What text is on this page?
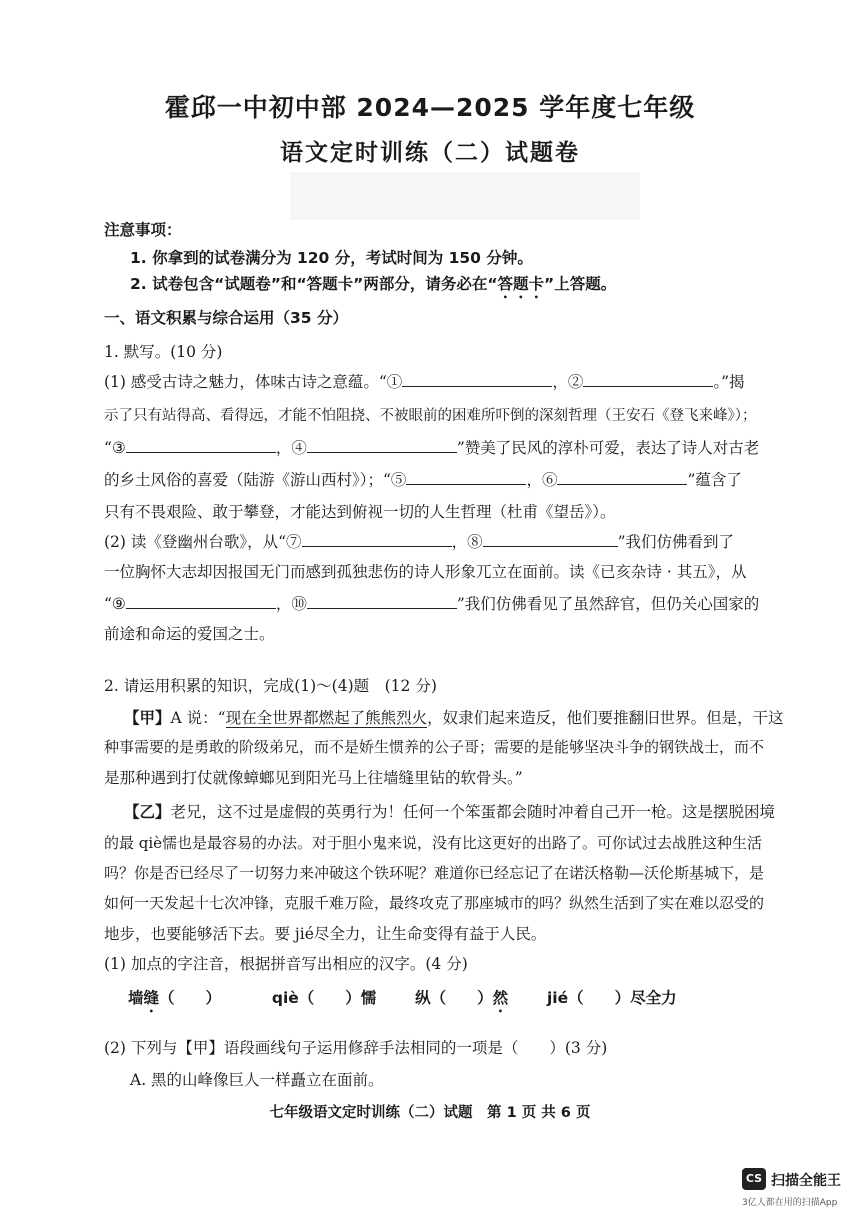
霍邱一中初中部 2024—2025 学年度七年级
语文定时训练（二）试题卷
注意事项：
1. 你拿到的试卷满分为 120 分，考试时间为 150 分钟。
2. 试卷包含“试题卷”和“答题卡”两部分，请务必在“答题卡”上答题。
一、语文积累与综合运用（35 分）
1. 默写。(10 分)
(1) 感受古诗之魅力，体味古诗之意蕴。“①	，②	。”揭
示了只有站得高、看得远，才能不怕阻挠、不被眼前的困难所吓倒的深刻哲理（王安石《登飞来峰》）；
“③	，④	”赞美了民风的淳朴可爱，表达了诗人对古老
的乡土风俗的喜爱（陆游《游山西村》）；“⑤	，⑥	”蕴含了
只有不畏艰险、敢于攀登，才能达到俯视一切的人生哲理（杜甫《望岳》）。
(2) 读《登幽州台歌》，从“⑦	，⑧	”我们仿佛看到了
一位胸怀大志却因报国无门而感到孤独悲伤的诗人形象兀立在面前。读《已亥杂诗 · 其五》，从
“⑨	，⑩	”我们仿佛看见了虽然辞官，但仍关心国家的
前途和命运的爱国之士。
2. 请运用积累的知识，完成(1)～(4)题　(12 分)
【甲】A 说：“现在全世界都燃起了熊熊烈火，奴隶们起来造反，他们要推翻旧世界。但是，干这
种事需要的是勇敢的阶级弟兄，而不是娇生惯养的公子哥；需要的是能够坚决斗争的钢铁战士，而不
是那种遇到打仗就像蟑螂见到阳光马上往墙缝里钻的软骨头。”
【乙】老兄，这不过是虚假的英勇行为！任何一个笨蛋都会随时冲着自己开一枪。这是摆脱困境
的最 qiè懦也是最容易的办法。对于胆小鬼来说，没有比这更好的出路了。可你试过去战胜这种生活
吗？你是否已经尽了一切努力来冲破这个铁环呢？难道你已经忘记了在诺沃格勒—沃伦斯基城下，是
如何一天发起十七次冲锋，克服千难万险，最终攻克了那座城市的吗？纵然生活到了实在难以忍受的
地步，也要能够活下去。要 jié尽全力，让生命变得有益于人民。
(1) 加点的字注音，根据拼音写出相应的汉字。(4 分)
墙缝（　　）	qiè（　　）懦	纵（　　）然	jié（　　）尽全力
(2) 下列与【甲】语段画线句子运用修辞手法相同的一项是（　　）(3 分)
A. 黑的山峰像巨人一样矗立在面前。
七年级语文定时训练（二）试题　第 1 页 共 6 页
CS 扫描全能王
3亿人都在用的扫描App
